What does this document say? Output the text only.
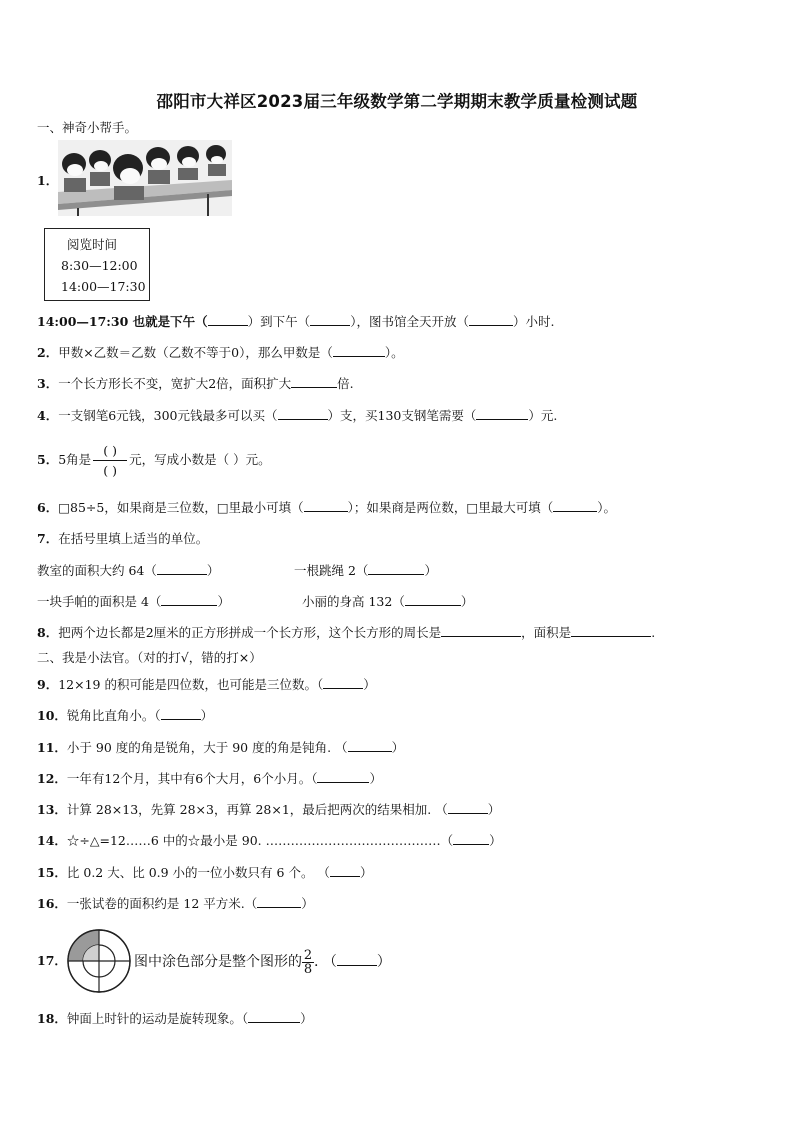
邵阳市大祥区2023届三年级数学第二学期期末教学质量检测试题
一、神奇小帮手。
1．
阅览时间
8:30—12:00
14:00—17:30
14:00—17:30 也就是下午（	）到下午（	），图书馆全天开放（	）小时.
2．甲数×乙数＝乙数（乙数不等于0），那么甲数是（	）。
3．一个长方形长不变，宽扩大2倍，面积扩大	倍.
4．一支钢笔6元钱，300元钱最多可以买（	）支，买130支钢笔需要（	）元.
5．5角是 $\frac{( )}{( )}$ 元，写成小数是（ ）元。
6．□85÷5，如果商是三位数，□里最小可填（	）；如果商是两位数，□里最大可填（	）。
7．在括号里填上适当的单位。
教室的面积大约 64（	）	一根跳绳 2（	）
一块手帕的面积是 4（	）	小丽的身高 132（	）
8．把两个边长都是2厘米的正方形拼成一个长方形，这个长方形的周长是	，面积是	.
二、我是小法官。（对的打√，错的打×）
9．12×19 的积可能是四位数，也可能是三位数。（	）
10．锐角比直角小。（	）
11．小于 90 度的角是锐角，大于 90 度的角是钝角. （	）
12．一年有12个月，其中有6个大月，6个小月。（	）
13．计算 28×13，先算 28×3，再算 28×1，最后把两次的结果相加. （	）
14．☆÷△=12……6 中的☆最小是 90. ……………………………………（	）
15．比 0.2 大、比 0.9 小的一位小数只有 6 个。 （ ）
16．一张试卷的面积约是 12 平方米.（	）
17．	图中涂色部分是整个图形的 $\frac{2}{8}$ . （	）
18．钟面上时针的运动是旋转现象。（	）
